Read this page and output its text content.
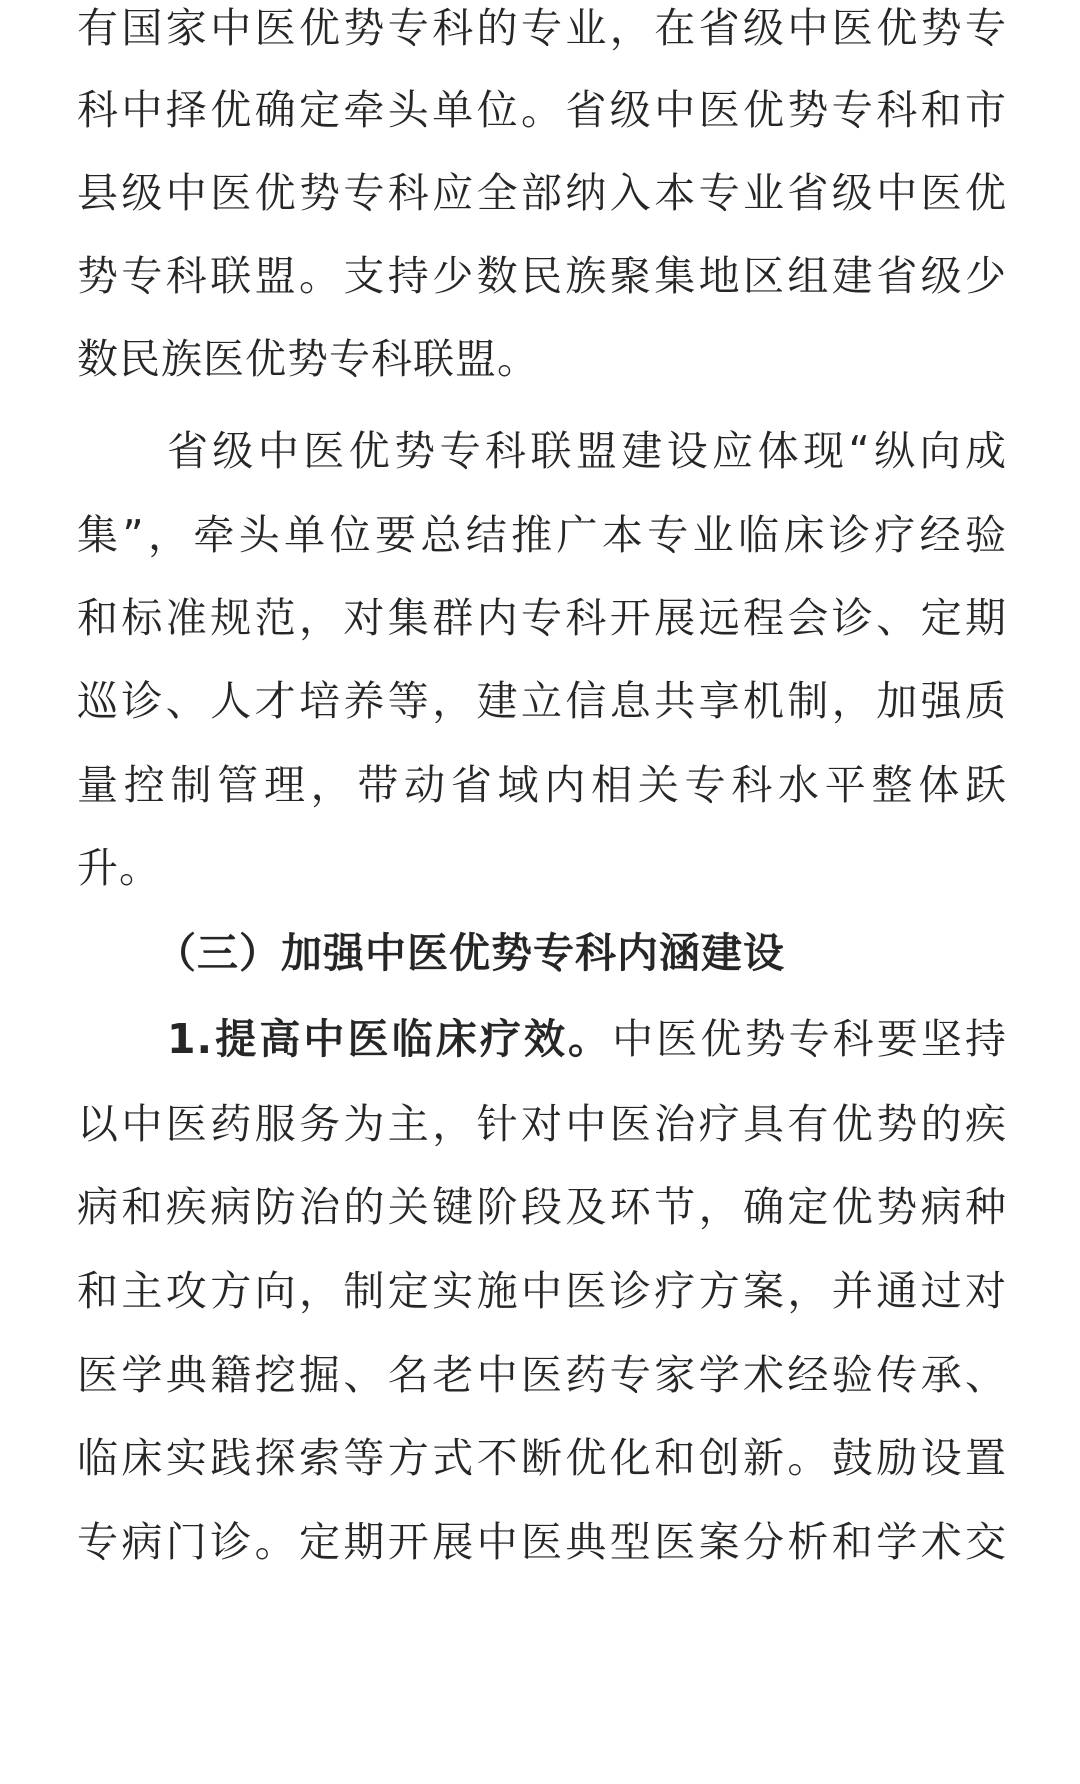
有国家中医优势专科的专业，在省级中医优势专
科中择优确定牵头单位。省级中医优势专科和市
县级中医优势专科应全部纳入本专业省级中医优
势专科联盟。支持少数民族聚集地区组建省级少
数民族医优势专科联盟。
省级中医优势专科联盟建设应体现“纵向成
集”，牵头单位要总结推广本专业临床诊疗经验
和标准规范，对集群内专科开展远程会诊、定期
巡诊、人才培养等，建立信息共享机制，加强质
量控制管理，带动省域内相关专科水平整体跃
升。
（三）加强中医优势专科内涵建设
1.提高中医临床疗效。中医优势专科要坚持
以中医药服务为主，针对中医治疗具有优势的疾
病和疾病防治的关键阶段及环节，确定优势病种
和主攻方向，制定实施中医诊疗方案，并通过对
医学典籍挖掘、名老中医药专家学术经验传承、
临床实践探索等方式不断优化和创新。鼓励设置
专病门诊。定期开展中医典型医案分析和学术交
